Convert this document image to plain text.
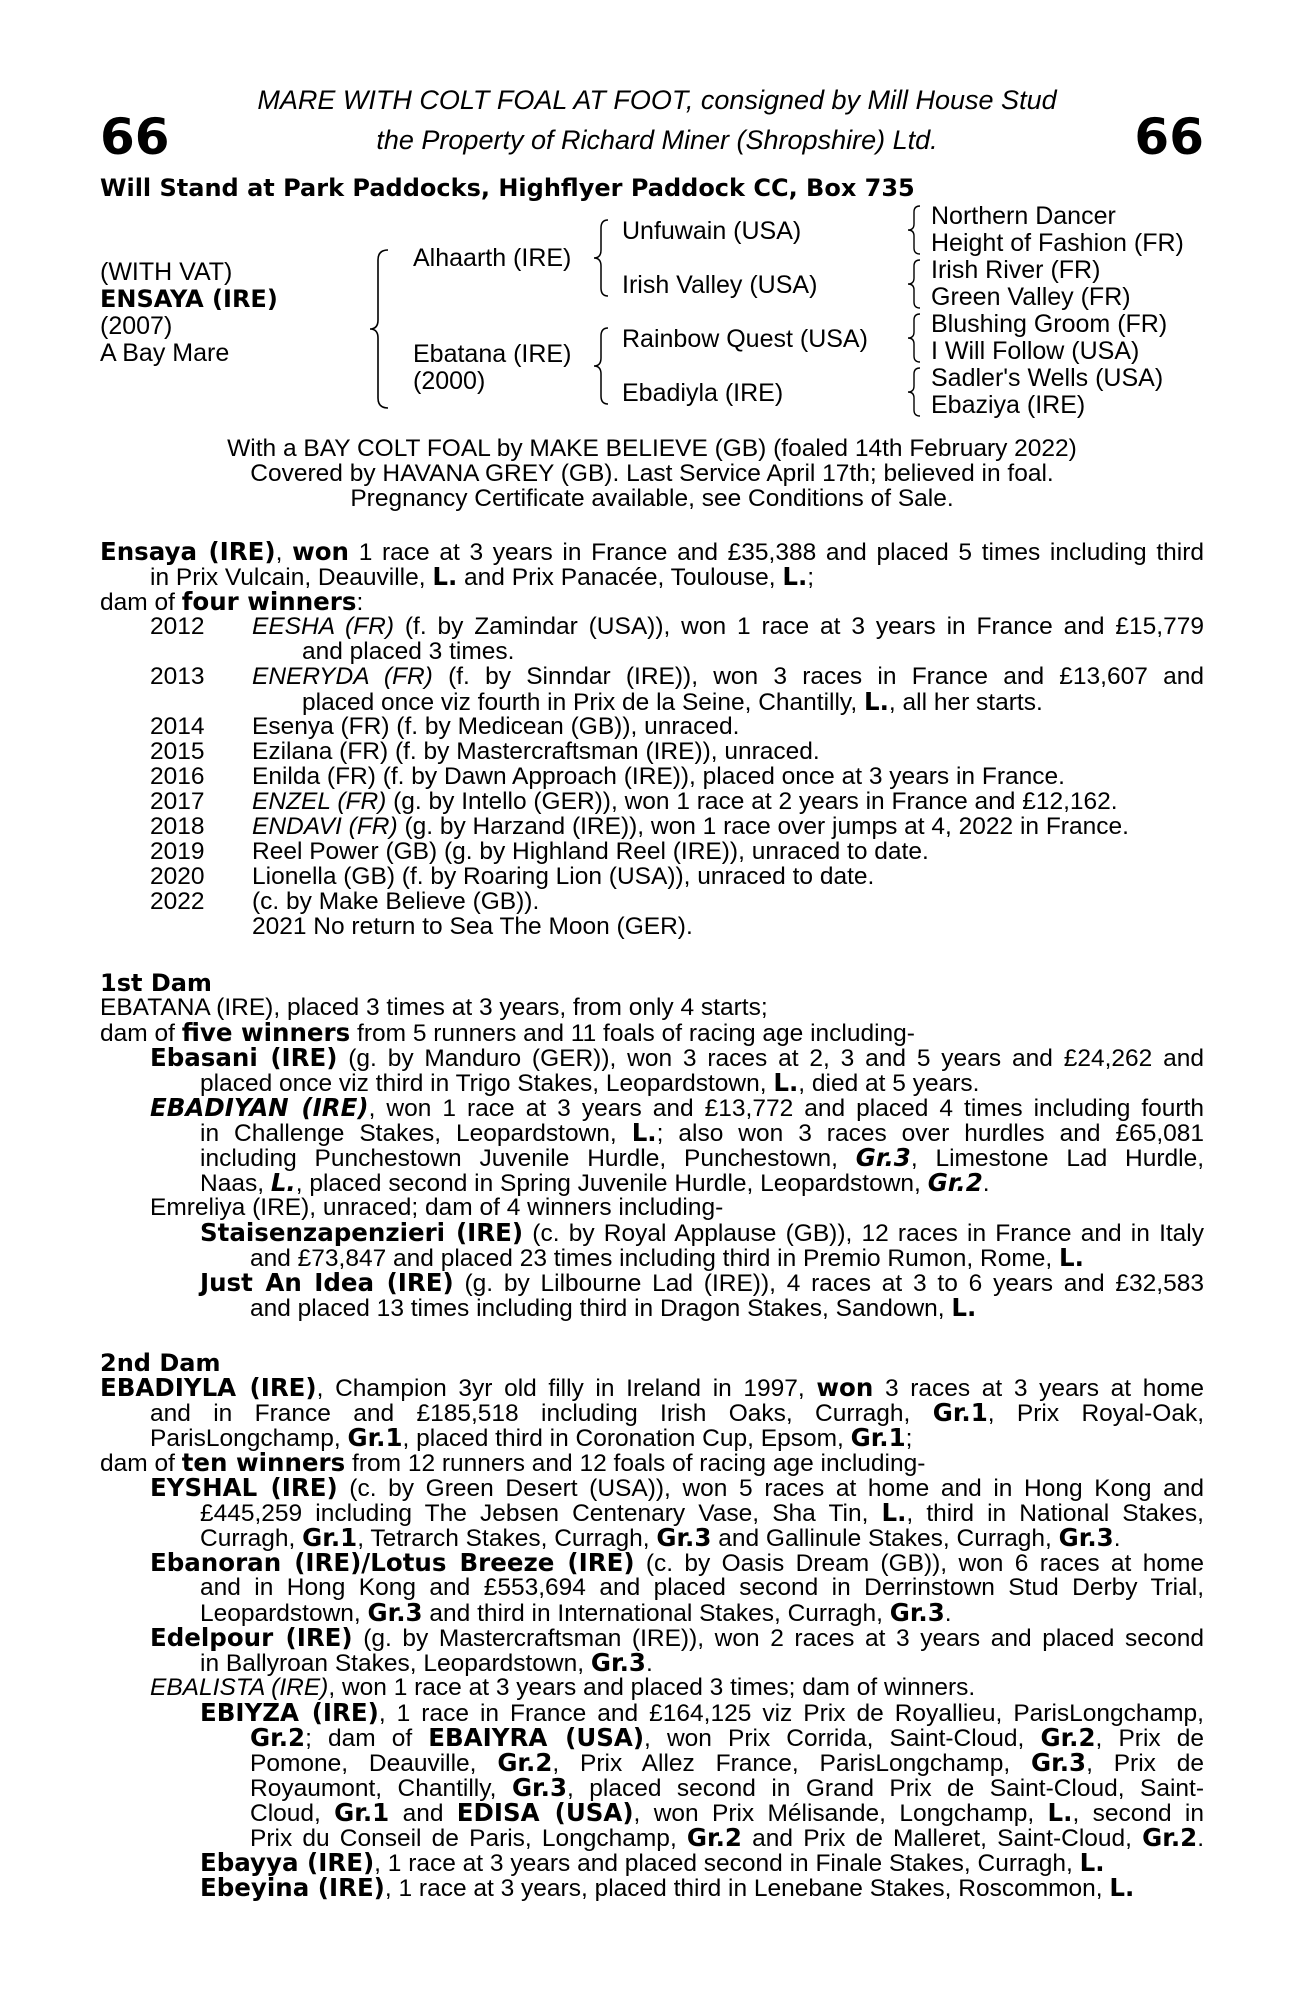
66	66
MARE WITH COLT FOAL AT FOOT, consigned by Mill House Stud
the Property of Richard Miner (Shropshire) Ltd.
Will Stand at Park Paddocks, Highflyer Paddock CC, Box 735
(WITH VAT)
ENSAYA (IRE)
(2007)
A Bay Mare
Alhaarth (IRE)
Ebatana (IRE)
(2000)
Unfuwain (USA)
Irish Valley (USA)
Rainbow Quest (USA)
Ebadiyla (IRE)
Northern Dancer
Height of Fashion (FR)
Irish River (FR)
Green Valley (FR)
Blushing Groom (FR)
I Will Follow (USA)
Sadler's Wells (USA)
Ebaziya (IRE)
With a BAY COLT FOAL by MAKE BELIEVE (GB) (foaled 14th February 2022)
Covered by HAVANA GREY (GB). Last Service April 17th; believed in foal.
Pregnancy Certificate available, see Conditions of Sale.
Ensaya (IRE), won 1 race at 3 years in France and £35,388 and placed 5 times including third
in Prix Vulcain, Deauville, L. and Prix Panacée, Toulouse, L.;
dam of four winners:
2012 EESHA (FR) (f. by Zamindar (USA)), won 1 race at 3 years in France and £15,779
and placed 3 times.
2013 ENERYDA (FR) (f. by Sinndar (IRE)), won 3 races in France and £13,607 and
placed once viz fourth in Prix de la Seine, Chantilly, L., all her starts.
2014 Esenya (FR) (f. by Medicean (GB)), unraced.
2015 Ezilana (FR) (f. by Mastercraftsman (IRE)), unraced.
2016 Enilda (FR) (f. by Dawn Approach (IRE)), placed once at 3 years in France.
2017 ENZEL (FR) (g. by Intello (GER)), won 1 race at 2 years in France and £12,162.
2018 ENDAVI (FR) (g. by Harzand (IRE)), won 1 race over jumps at 4, 2022 in France.
2019 Reel Power (GB) (g. by Highland Reel (IRE)), unraced to date.
2020 Lionella (GB) (f. by Roaring Lion (USA)), unraced to date.
2022 (c. by Make Believe (GB)).
2021 No return to Sea The Moon (GER).
1st Dam
EBATANA (IRE), placed 3 times at 3 years, from only 4 starts;
dam of five winners from 5 runners and 11 foals of racing age including-
Ebasani (IRE) (g. by Manduro (GER)), won 3 races at 2, 3 and 5 years and £24,262 and
placed once viz third in Trigo Stakes, Leopardstown, L., died at 5 years.
EBADIYAN (IRE), won 1 race at 3 years and £13,772 and placed 4 times including fourth
in Challenge Stakes, Leopardstown, L.; also won 3 races over hurdles and £65,081
including Punchestown Juvenile Hurdle, Punchestown, Gr.3, Limestone Lad Hurdle,
Naas, L., placed second in Spring Juvenile Hurdle, Leopardstown, Gr.2.
Emreliya (IRE), unraced; dam of 4 winners including-
Staisenzapenzieri (IRE) (c. by Royal Applause (GB)), 12 races in France and in Italy
and £73,847 and placed 23 times including third in Premio Rumon, Rome, L.
Just An Idea (IRE) (g. by Lilbourne Lad (IRE)), 4 races at 3 to 6 years and £32,583
and placed 13 times including third in Dragon Stakes, Sandown, L.
2nd Dam
EBADIYLA (IRE), Champion 3yr old filly in Ireland in 1997, won 3 races at 3 years at home
and in France and £185,518 including Irish Oaks, Curragh, Gr.1, Prix Royal-Oak,
ParisLongchamp, Gr.1, placed third in Coronation Cup, Epsom, Gr.1;
dam of ten winners from 12 runners and 12 foals of racing age including-
EYSHAL (IRE) (c. by Green Desert (USA)), won 5 races at home and in Hong Kong and
£445,259 including The Jebsen Centenary Vase, Sha Tin, L., third in National Stakes,
Curragh, Gr.1, Tetrarch Stakes, Curragh, Gr.3 and Gallinule Stakes, Curragh, Gr.3.
Ebanoran (IRE)/Lotus Breeze (IRE) (c. by Oasis Dream (GB)), won 6 races at home
and in Hong Kong and £553,694 and placed second in Derrinstown Stud Derby Trial,
Leopardstown, Gr.3 and third in International Stakes, Curragh, Gr.3.
Edelpour (IRE) (g. by Mastercraftsman (IRE)), won 2 races at 3 years and placed second
in Ballyroan Stakes, Leopardstown, Gr.3.
EBALISTA (IRE), won 1 race at 3 years and placed 3 times; dam of winners.
EBIYZA (IRE), 1 race in France and £164,125 viz Prix de Royallieu, ParisLongchamp,
Gr.2; dam of EBAIYRA (USA), won Prix Corrida, Saint-Cloud, Gr.2, Prix de
Pomone, Deauville, Gr.2, Prix Allez France, ParisLongchamp, Gr.3, Prix de
Royaumont, Chantilly, Gr.3, placed second in Grand Prix de Saint-Cloud, Saint-
Cloud, Gr.1 and EDISA (USA), won Prix Mélisande, Longchamp, L., second in
Prix du Conseil de Paris, Longchamp, Gr.2 and Prix de Malleret, Saint-Cloud, Gr.2.
Ebayya (IRE), 1 race at 3 years and placed second in Finale Stakes, Curragh, L.
Ebeyina (IRE), 1 race at 3 years, placed third in Lenebane Stakes, Roscommon, L.
